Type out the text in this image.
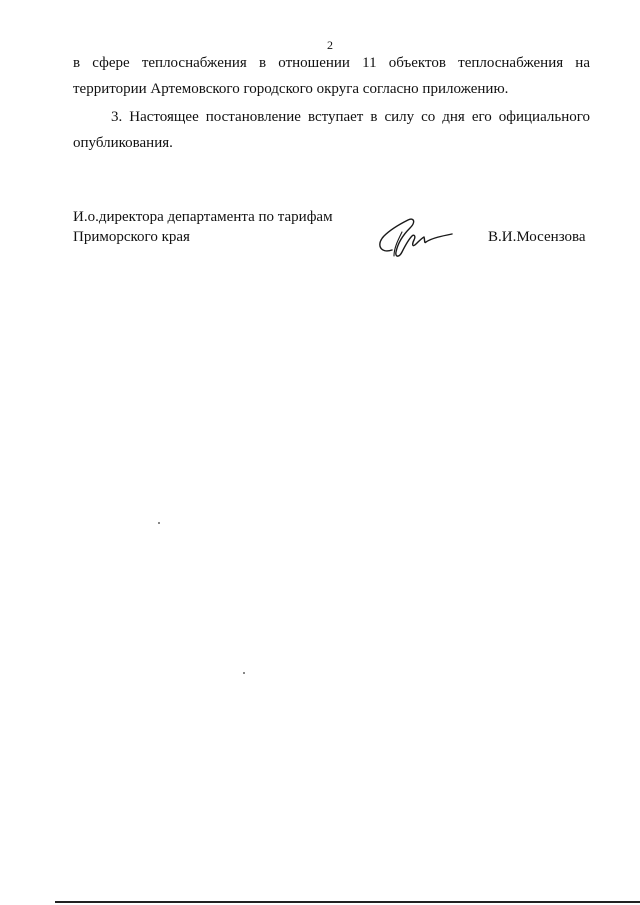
2
в сфере теплоснабжения в отношении 11 объектов теплоснабжения на
территории Артемовского городского округа согласно приложению.
3. Настоящее постановление вступает в силу со дня его официального
опубликования.
И.о.директора департамента по тарифам
Приморского края	В.И.Мосензова
